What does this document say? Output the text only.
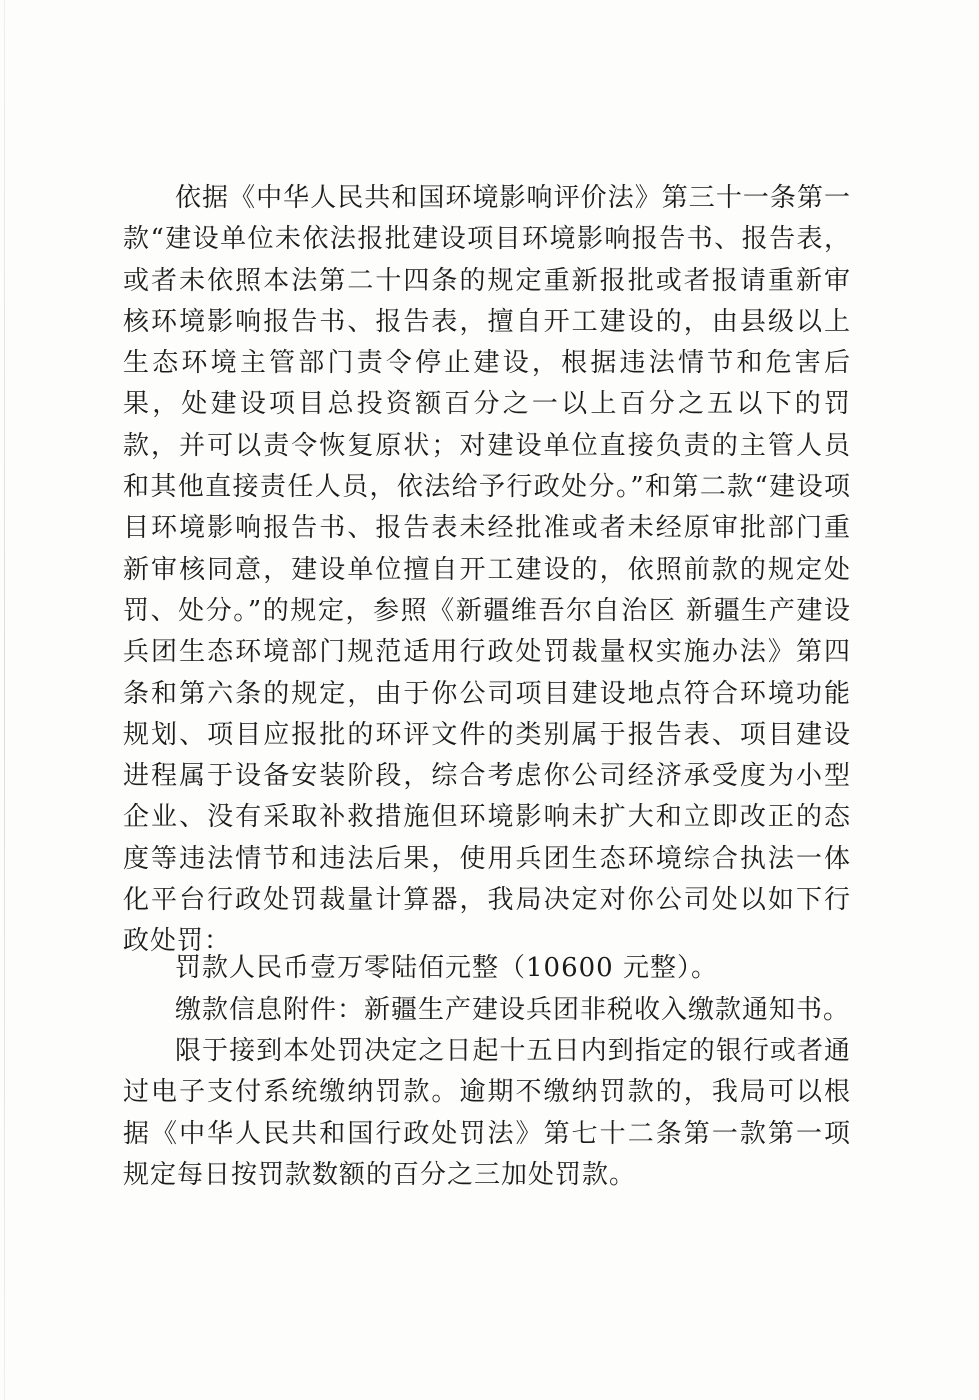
依据《中华人民共和国环境影响评价法》第三十一条第一款“建设单位未依法报批建设项目环境影响报告书、报告表，或者未依照本法第二十四条的规定重新报批或者报请重新审核环境影响报告书、报告表，擅自开工建设的，由县级以上生态环境主管部门责令停止建设，根据违法情节和危害后果，处建设项目总投资额百分之一以上百分之五以下的罚款，并可以责令恢复原状；对建设单位直接负责的主管人员和其他直接责任人员，依法给予行政处分。”和第二款“建设项目环境影响报告书、报告表未经批准或者未经原审批部门重新审核同意，建设单位擅自开工建设的，依照前款的规定处罚、处分。”的规定，参照《新疆维吾尔自治区 新疆生产建设兵团生态环境部门规范适用行政处罚裁量权实施办法》第四条和第六条的规定，由于你公司项目建设地点符合环境功能规划、项目应报批的环评文件的类别属于报告表、项目建设进程属于设备安装阶段，综合考虑你公司经济承受度为小型企业、没有采取补救措施但环境影响未扩大和立即改正的态度等违法情节和违法后果，使用兵团生态环境综合执法一体化平台行政处罚裁量计算器，我局决定对你公司处以如下行政处罚：

罚款人民币壹万零陆佰元整（10600 元整）。

缴款信息附件：新疆生产建设兵团非税收入缴款通知书。

限于接到本处罚决定之日起十五日内到指定的银行或者通过电子支付系统缴纳罚款。逾期不缴纳罚款的，我局可以根据《中华人民共和国行政处罚法》第七十二条第一款第一项规定每日按罚款数额的百分之三加处罚款。
